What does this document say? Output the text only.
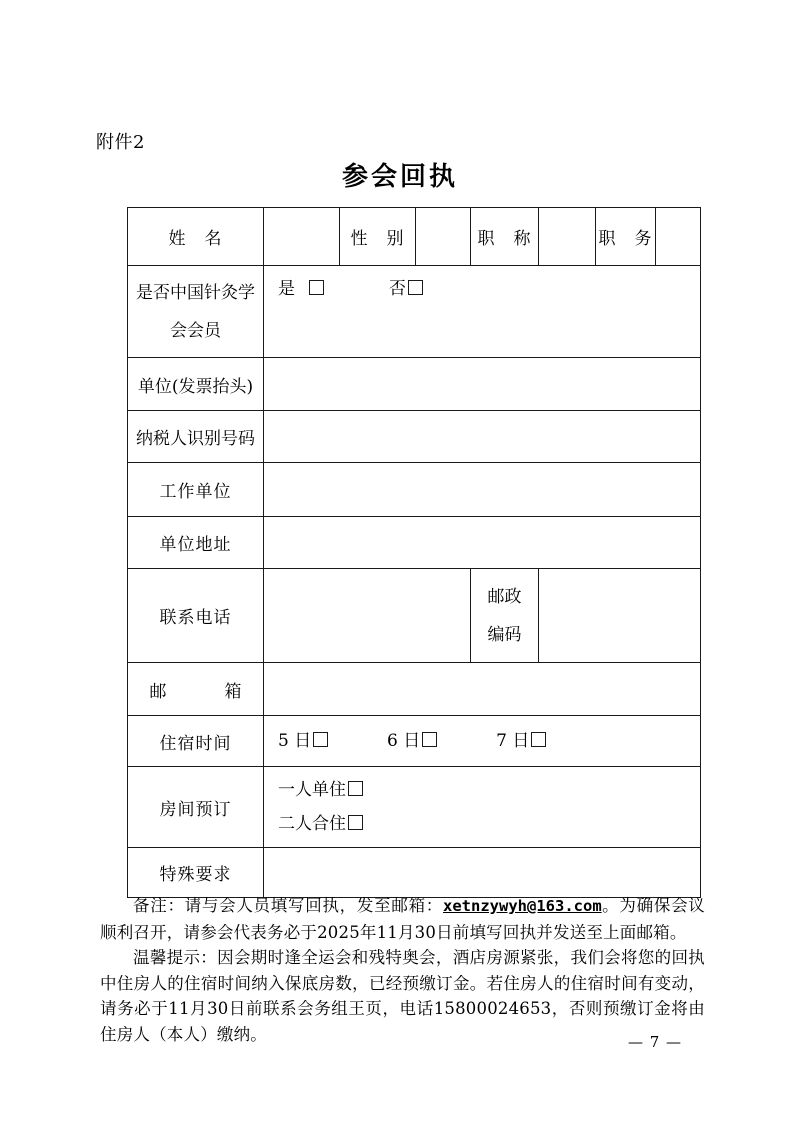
附件2
参会回执
姓　名		性　别		职　称		职　务	

是否中国针灸学
会会员	是 否						

单位(发票抬头)							
纳税人识别号码							
工作单位							
单位地址							
联系电话				邮政
编码			

邮　　箱							
住宿时间	5 日 6 日 7 日						

房间预订	一人单住
二人合住						

特殊要求							

备注：请与会人员填写回执，发至邮箱：xetnzywyh@163.com。为确保会议顺利召开，请参会代表务必于2025年11月30日前填写回执并发送至上面邮箱。

温馨提示：因会期时逢全运会和残特奥会，酒店房源紧张，我们会将您的回执中住房人的住宿时间纳入保底房数，已经预缴订金。若住房人的住宿时间有变动，请务必于11月30日前联系会务组王页，电话15800024653，否则预缴订金将由住房人（本人）缴纳。	— 7 —
